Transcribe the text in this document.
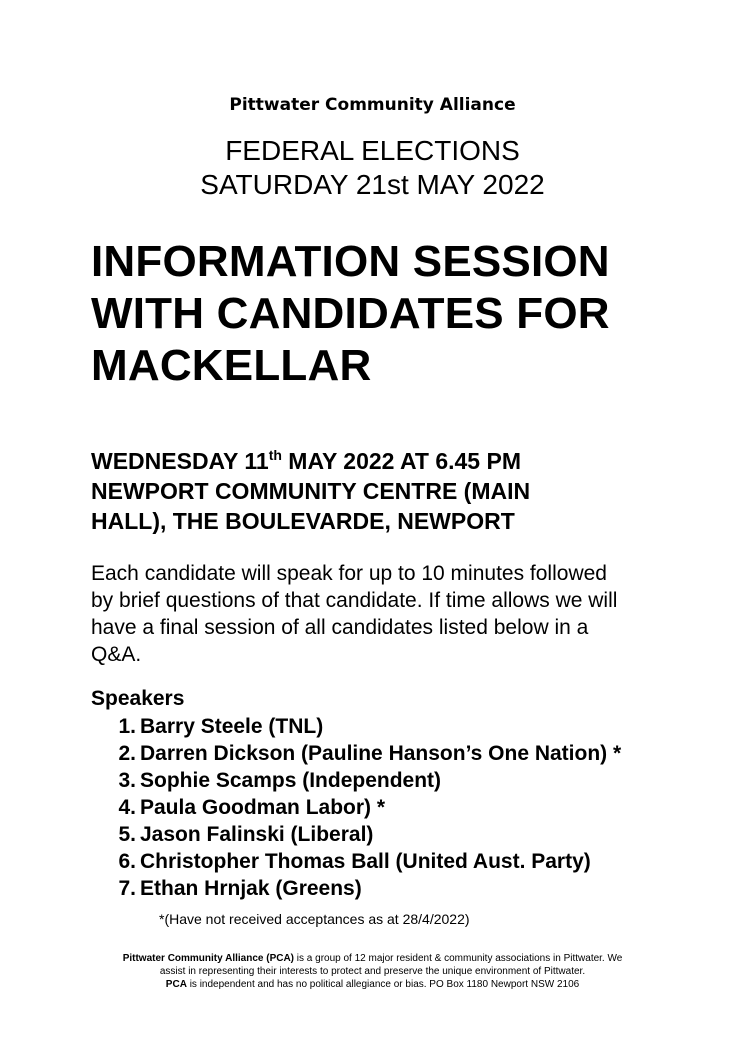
Pittwater Community Alliance
FEDERAL ELECTIONS
SATURDAY 21st MAY 2022
INFORMATION SESSION
WITH CANDIDATES FOR
MACKELLAR
WEDNESDAY 11th MAY 2022 AT 6.45 PM
NEWPORT COMMUNITY CENTRE (MAIN
HALL), THE BOULEVARDE, NEWPORT
Each candidate will speak for up to 10 minutes followed
by brief questions of that candidate. If time allows we will
have a final session of all candidates listed below in a
Q&A.
Speakers
1. Barry Steele (TNL)
2. Darren Dickson (Pauline Hanson’s One Nation) *
3. Sophie Scamps (Independent)
4. Paula Goodman Labor) *
5. Jason Falinski (Liberal)
6. Christopher Thomas Ball (United Aust. Party)
7. Ethan Hrnjak (Greens)
*(Have not received acceptances as at 28/4/2022)
Pittwater Community Alliance (PCA) is a group of 12 major resident & community associations in Pittwater. We
assist in representing their interests to protect and preserve the unique environment of Pittwater.
PCA is independent and has no political allegiance or bias. PO Box 1180 Newport NSW 2106
